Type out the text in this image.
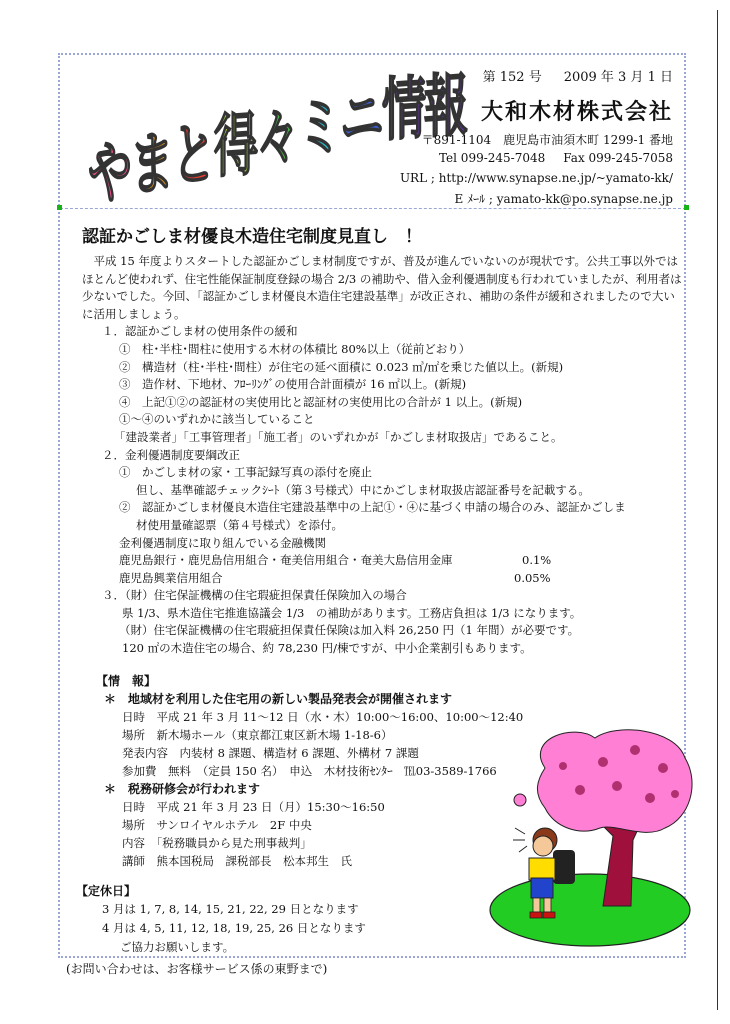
や ま と 得 々 ミ ニ 情 報 第 152 号 2009 年 3 月 1 日
大和木材株式会社
〒891-1104　鹿児島市油須木町 1299-1 番地
Tel 099-245-7048 Fax 099-245-7058
URL ; http://www.synapse.ne.jp/~yamato-kk/
E ﾒｰﾙ ; yamato-kk@po.synapse.ne.jp
認証かごしま材優良木造住宅制度見直し　！

　平成 15 年度よりスタートした認証かごしま材制度ですが、普及が進んでいないのが現状です。公共工事以外ではほとんど使われず、住宅性能保証制度登録の場合 2/3 の補助や、借入金利優遇制度も行われていましたが、利用者は少ないでした。今回、「認証かごしま材優良木造住宅建設基準」が改正され、補助の条件が緩和されましたので大いに活用しましょう。

１．認証かごしま材の使用条件の緩和
①　柱･半柱･間柱に使用する木材の体積比 80%以上（従前どおり）
②　構造材（柱･半柱･間柱）が住宅の延べ面積に 0.023 ㎥/㎡を乗じた値以上。(新規)
③　造作材、下地材、ﾌﾛｰﾘﾝｸﾞの使用合計面積が 16 ㎡以上。(新規)
④　上記①②の認証材の実使用比と認証材の実使用比の合計が 1 以上。(新規)
①～④のいずれかに該当していること
「建設業者」「工事管理者」「施工者」のいずれかが「かごしま材取扱店」であること。
２．金利優遇制度要綱改正
①　かごしま材の家・工事記録写真の添付を廃止
但し、基準確認チェックｼｰﾄ（第３号様式）中にかごしま材取扱店認証番号を記載する。
②　認証かごしま材優良木造住宅建設基準中の上記①・④に基づく申請の場合のみ、認証かごしま
材使用量確認票（第４号様式）を添付。
金利優遇制度に取り組んでいる金融機関
鹿児島銀行・鹿児島信用組合・奄美信用組合・奄美大島信用金庫	0.1%
鹿児島興業信用組合	0.05%
３．（財）住宅保証機構の住宅瑕疵担保責任保険加入の場合
県 1/3、県木造住宅推進協議会 1/3　の補助があります。工務店負担は 1/3 になります。
（財）住宅保証機構の住宅瑕疵担保責任保険は加入料 26,250 円（1 年間）が必要です。
120 ㎡の木造住宅の場合、約 78,230 円/棟ですが、中小企業割引もあります。
【情　報】
＊　地域材を利用した住宅用の新しい製品発表会が開催されます
日時　平成 21 年 3 月 11～12 日（水・木）10:00～16:00、10:00～12:40
場所　新木場ホール（東京都江東区新木場 1-18-6）
発表内容　内装材 8 課題、構造材 6 課題、外構材 7 課題
参加費　無料　（定員 150 名）　申込　木材技術ｾﾝﾀｰ　℡03-3589-1766
＊　税務研修会が行われます
日時　平成 21 年 3 月 23 日（月）15:30～16:50
場所　サンロイヤルホテル　2F 中央
内容　「税務職員から見た刑事裁判」
講師　熊本国税局　課税部長　松本邦生　氏
【定休日】
3 月は 1, 7, 8, 14, 15, 21, 22, 29 日となります
4 月は 4, 5, 11, 12, 18, 19, 25, 26 日となります
ご協力お願いします。
(お問い合わせは、お客様サービス係の東野まで)
